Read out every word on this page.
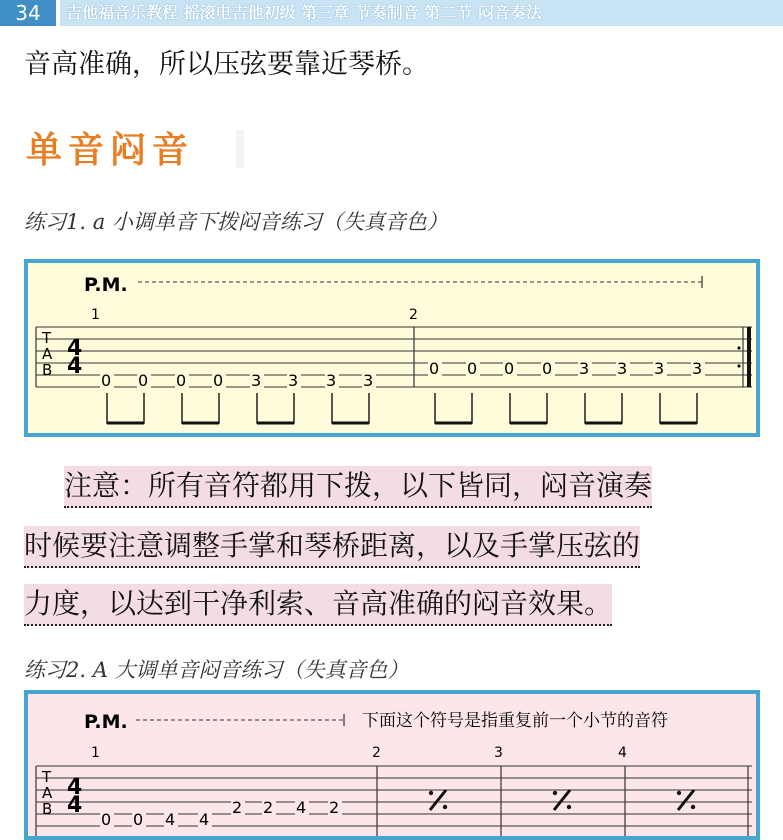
34	吉他福音乐教程 摇滚电吉他初级 第三章 节奏制音 第二节 闷音奏法
音高准确，所以压弦要靠近琴桥。
单音闷音
练习1. a 小调单音下拨闷音练习（失真音色）
P.M.
1	2
T
A
B
4
4
0 0 0 0 3 3 3 3
0 0 0 0 3 3 3 3
注意：所有音符都用下拨，以下皆同，闷音演奏
时候要注意调整手掌和琴桥距离，以及手掌压弦的
力度，以达到干净利索、音高准确的闷音效果。
练习2. A 大调单音闷音练习（失真音色）
P.M.	下面这个符号是指重复前一个小节的音符
1	2	3	4
T
A
B
4
4
0 0 4 4
2 2 4 2
